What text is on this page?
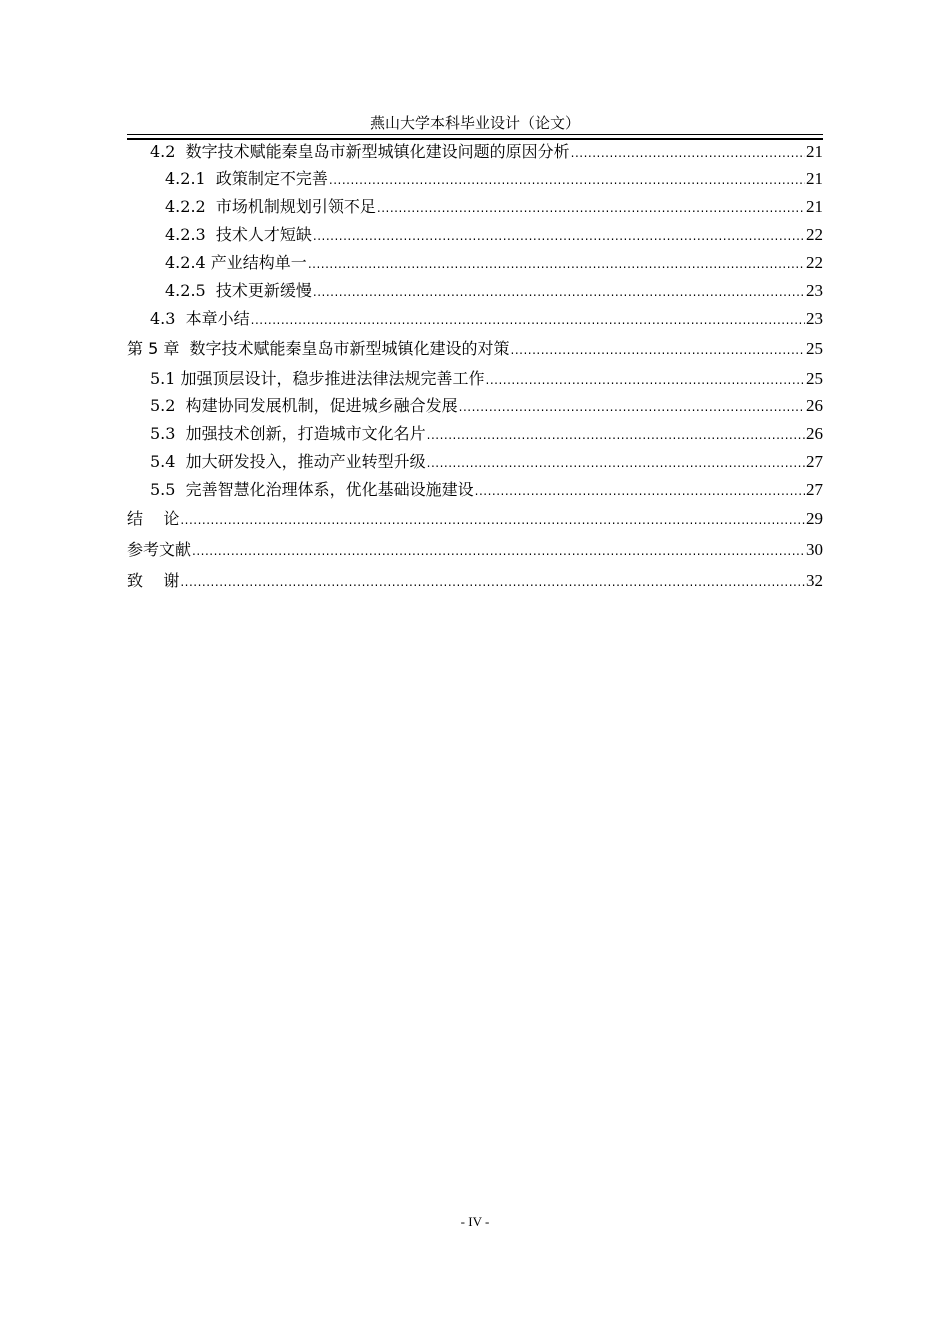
燕山大学本科毕业设计（论文）
4.2  数字技术赋能秦皇岛市新型城镇化建设问题的原因分析 .....	21
4.2.1  政策制定不完善 .....	21
4.2.2  市场机制规划引领不足 .....	21
4.2.3  技术人才短缺 .....	22
4.2.4 产业结构单一 .....	22
4.2.5  技术更新缓慢 .....	23
4.3  本章小结 .....	23
第 5 章  数字技术赋能秦皇岛市新型城镇化建设的对策 .....	25
5.1 加强顶层设计，稳步推进法律法规完善工作 .....	25
5.2  构建协同发展机制，促进城乡融合发展 .....	26
5.3  加强技术创新，打造城市文化名片 .....	26
5.4  加大研发投入，推动产业转型升级 .....	27
5.5  完善智慧化治理体系，优化基础设施建设 .....	27
结    论 .....	29
参考文献 .....	30
致    谢 .....	32
- IV -
